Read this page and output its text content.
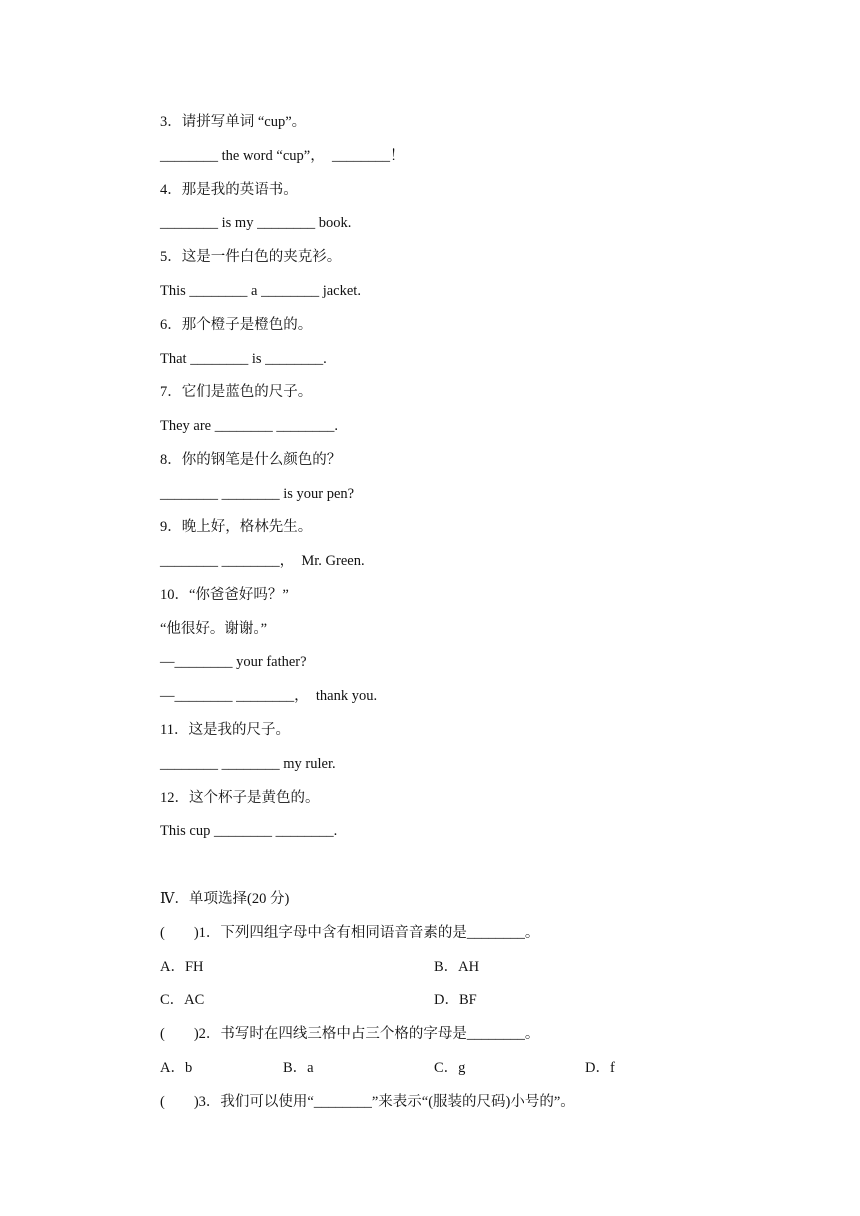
3．请拼写单词 “cup”。
________ the word “cup”，  ________！
4．那是我的英语书。
________ is my ________ book.
5．这是一件白色的夹克衫。
This ________ a ________ jacket.
6．那个橙子是橙色的。
That ________ is ________.
7．它们是蓝色的尺子。
They are ________ ________.
8．你的钢笔是什么颜色的？
________ ________ is your pen?
9．晚上好，格林先生。
________ ________，  Mr. Green.
10．“你爸爸好吗？”
“他很好。谢谢。”
—________ your father?
—________ ________，  thank you.
11．这是我的尺子。
________ ________ my ruler.
12．这个杯子是黄色的。
This cup ________ ________.
Ⅳ．单项选择(20 分)
(　　)1．下列四组字母中含有相同语音音素的是________。
A．FH	B．AH
C．AC	D．BF
(　　)2．书写时在四线三格中占三个格的字母是________。
A．b	B．a	C．g	D．f
(　　)3．我们可以使用“________”来表示“(服装的尺码)小号的”。
